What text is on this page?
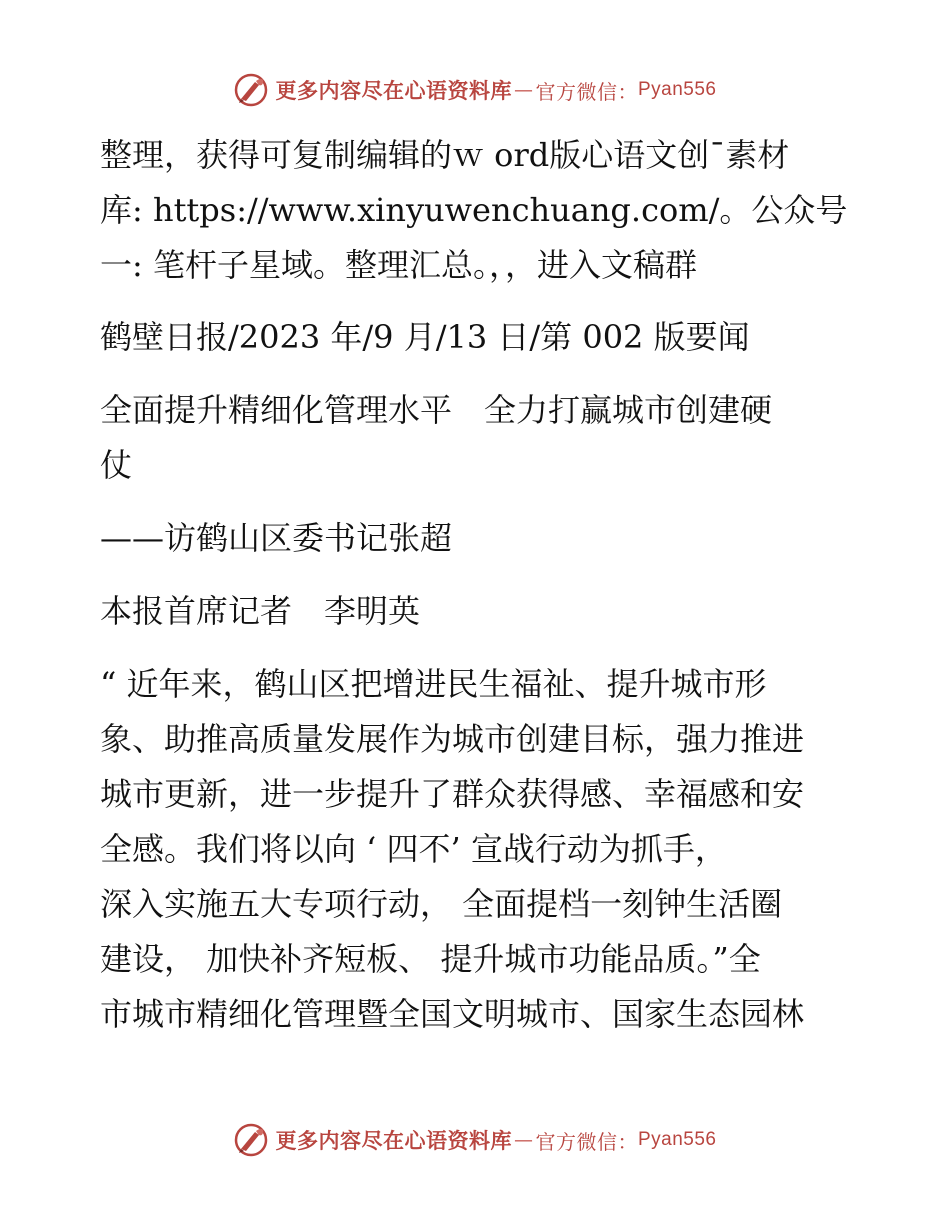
更多内容尽在心语资料库 — 官方微信： Pyan556
整理，获得可复制编辑的ｗ ord版心语文创¯素材
库: https://www.xinyuwenchuang.com/。公众号
一: 笔杆子星域。整理汇总。，，进入文稿群
鹤壁日报/2023 年/9 月/13 日/第 002 版要闻
全面提升精细化管理水平　全力打赢城市创建硬
仗
——访鹤山区委书记张超
本报首席记者　李明英
“ 近年来，鹤山区把增进民生福祉、提升城市形
象、助推高质量发展作为城市创建目标，强力推进
城市更新，进一步提升了群众获得感、幸福感和安
全感。我们将以向 ‘ 四不’ 宣战行动为抓手，
深入实施五大专项行动， 全面提档一刻钟生活圈
建设， 加快补齐短板、 提升城市功能品质。”全
市城市精细化管理暨全国文明城市、国家生态园林
更多内容尽在心语资料库 — 官方微信： Pyan556
